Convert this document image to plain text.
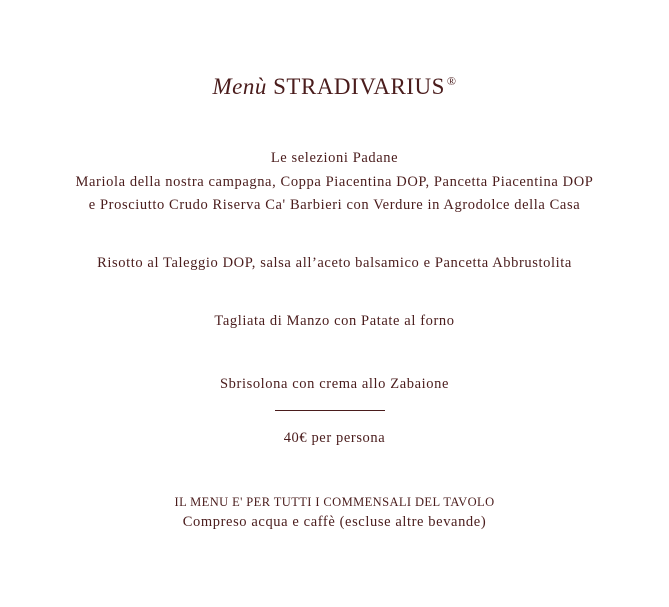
Menù STRADIVARIUS ®
Le selezioni Padane
Mariola della nostra campagna, Coppa Piacentina DOP, Pancetta Piacentina DOP
e Prosciutto Crudo Riserva Ca' Barbieri con Verdure in Agrodolce della Casa
Risotto al Taleggio DOP, salsa all’aceto balsamico e Pancetta Abbrustolita
Tagliata di Manzo con Patate al forno
Sbrisolona con crema allo Zabaione
40€ per persona
IL MENU E' PER TUTTI I COMMENSALI DEL TAVOLO
Compreso acqua e caffè (escluse altre bevande)
